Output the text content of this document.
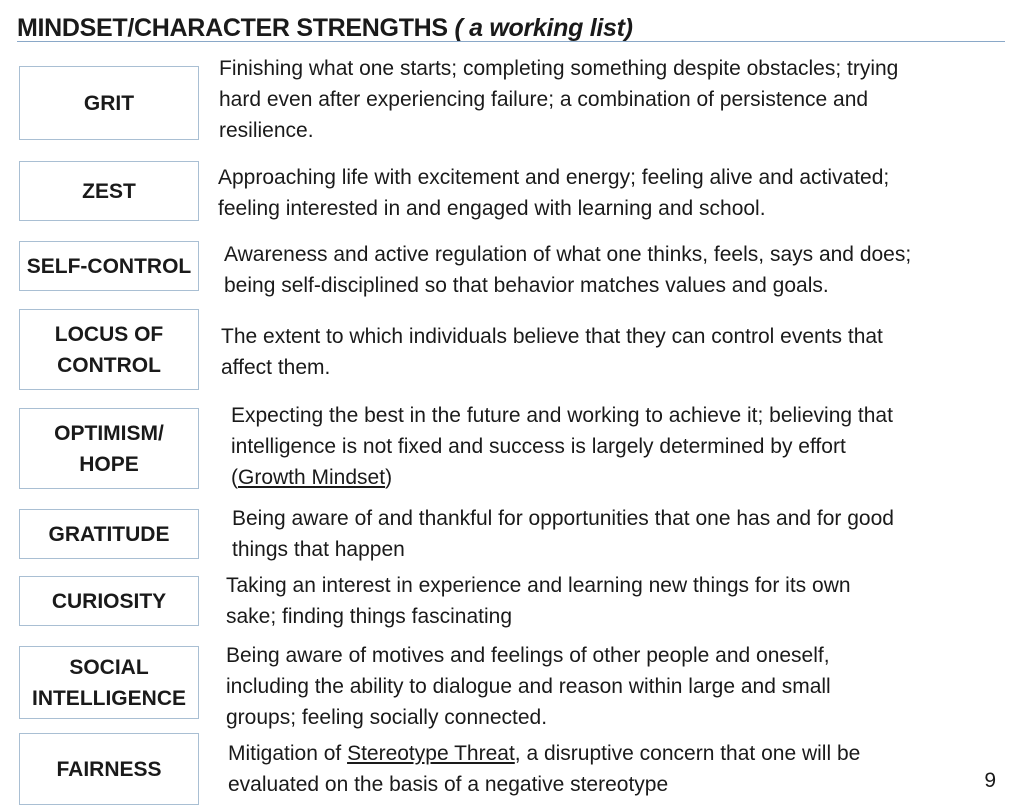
MINDSET/CHARACTER STRENGTHS ( a working list)
GRIT
Finishing what one starts; completing something despite obstacles; trying
hard even after experiencing failure; a combination of persistence and
resilience.
ZEST
Approaching life with excitement and energy; feeling alive and activated;
feeling interested in and engaged with learning and school.
SELF-CONTROL Awareness and active regulation of what one thinks, feels, says and does;
being self-disciplined so that behavior matches values and goals.
LOCUS OF
CONTROL
The extent to which individuals believe that they can control events that
affect them.
OPTIMISM/
HOPE
Expecting the best in the future and working to achieve it; believing that
intelligence is not fixed and success is largely determined by effort
(Growth Mindset)
GRATITUDE
Being aware of and thankful for opportunities that one has and for good
things that happen
CURIOSITY
Taking an interest in experience and learning new things for its own
sake; finding things fascinating
SOCIAL
INTELLIGENCE
Being aware of motives and feelings of other people and oneself,
including the ability to dialogue and reason within large and small
groups; feeling socially connected.
FAIRNESS
Mitigation of Stereotype Threat, a disruptive concern that one will be
evaluated on the basis of a negative stereotype	9
